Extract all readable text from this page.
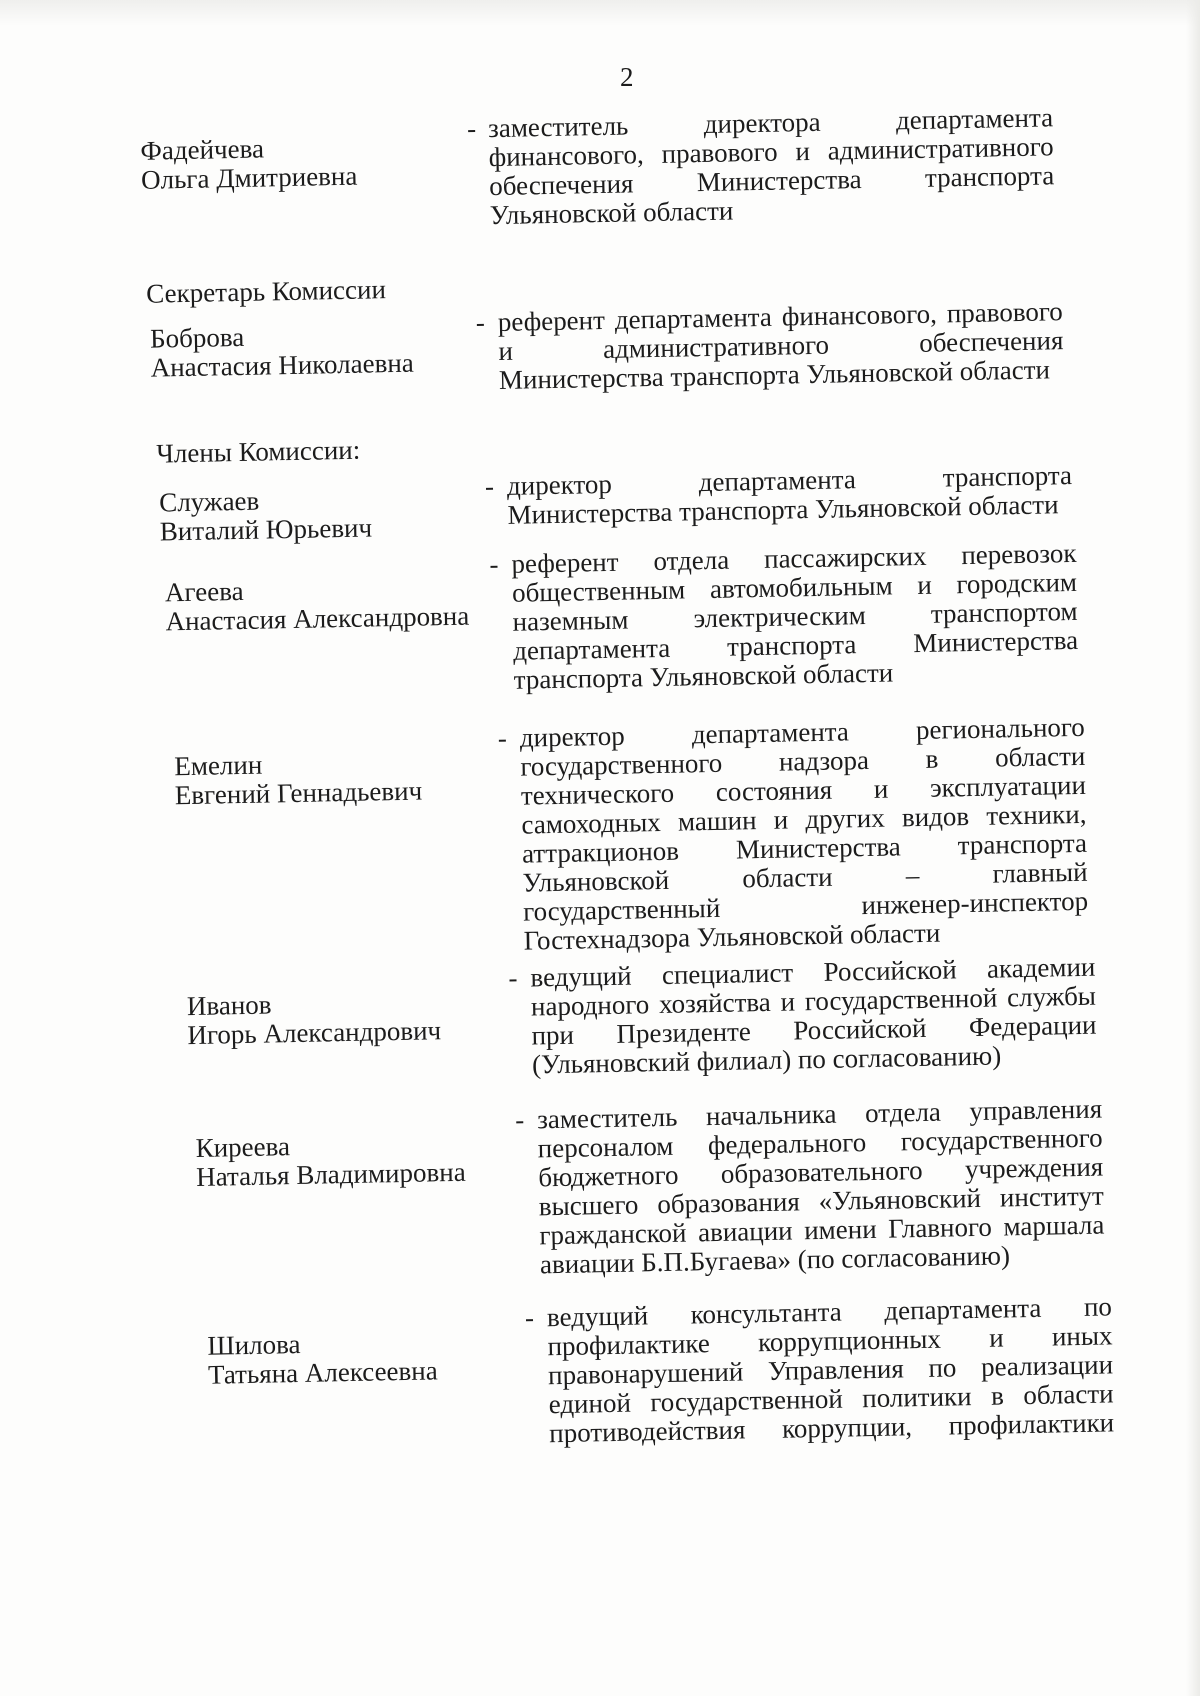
2
Фадейчева
Ольга Дмитриевна
- заместитель директора департамента финансового, правового и административного обеспечения Министерства транспорта Ульяновской области
Секретарь Комиссии
Боброва
Анастасия Николаевна
- референт департамента финансового, правового и административного обеспечения Министерства транспорта Ульяновской области
Члены Комиссии:
Служаев
Виталий Юрьевич
- директор департамента транспорта Министерства транспорта Ульяновской области
Агеева
Анастасия Александровна
- референт отдела пассажирских перевозок общественным автомобильным и городским наземным электрическим транспортом департамента транспорта Министерства транспорта Ульяновской области
Емелин
Евгений Геннадьевич
- директор департамента регионального государственного надзора в области технического состояния и эксплуатации самоходных машин и других видов техники, аттракционов Министерства транспорта Ульяновской области – главный государственный инженер-инспектор Гостехнадзора Ульяновской области
Иванов
Игорь Александрович
- ведущий специалист Российской академии народного хозяйства и государственной службы при Президенте Российской Федерации (Ульяновский филиал) по согласованию)
Киреева
Наталья Владимировна
- заместитель начальника отдела управления персоналом федерального государственного бюджетного образовательного учреждения высшего образования «Ульяновский институт гражданской авиации имени Главного маршала авиации Б.П.Бугаева» (по согласованию)
Шилова
Татьяна Алексеевна
- ведущий консультанта департамента по профилактике коррупционных и иных правонарушений Управления по реализации единой государственной политики в области противодействия коррупции, профилактики
